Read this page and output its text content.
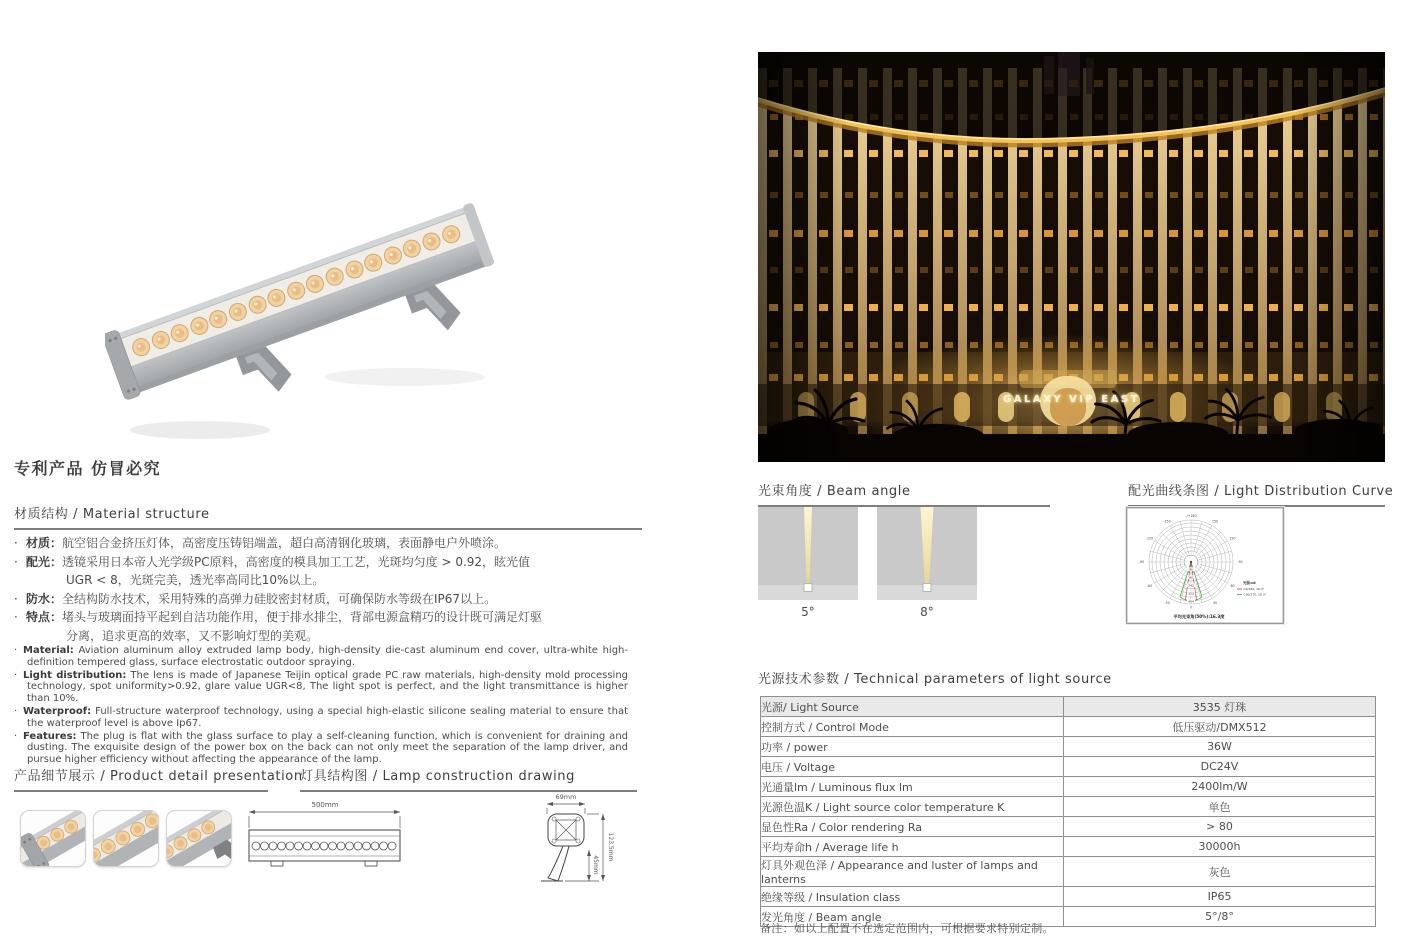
专利产品 仿冒必究
材质结构 / Material structure
· 材质：航空铝合金挤压灯体，高密度压铸铝端盖，超白高清钢化玻璃，表面静电户外喷涂。
· 配光：透镜采用日本帝人光学级PC原料，高密度的模具加工工艺，光斑均匀度 > 0.92，眩光值UGR < 8，光斑完美，透光率高同比10%以上。
· 防水：全结构防水技术，采用特殊的高弹力硅胶密封材质，可确保防水等级在IP67以上。
· 特点：堵头与玻璃面持平起到自洁功能作用，便于排水排尘，背部电源盒精巧的设计既可满足灯驱分离，追求更高的效率，又不影响灯型的美观。
· Material: Aviation aluminum alloy extruded lamp body, high-density die-cast aluminum end cover, ultra-white high-definition tempered glass, surface electrostatic outdoor spraying.
· Light distribution: The lens is made of Japanese Teijin optical grade PC raw materials, high-density mold processing technology, spot uniformity>0.92, glare value UGR<8, The light spot is perfect, and the light transmittance is higher than 10%.
· Waterproof: Full-structure waterproof technology, using a special high-elastic silicone sealing material to ensure that the waterproof level is above Ip67.
· Features: The plug is flat with the glass surface to play a self-cleaning function, which is convenient for draining and dusting. The exquisite design of the power box on the back can not only meet the separation of the lamp driver, and pursue higher efficiency without affecting the appearance of the lamp.
产品细节展示 / Product detail presentation
灯具结构图 / Lamp construction drawing
500mm
69mm
123.5mm
45mm
GALAXY VIP EAST
光束角度 / Beam angle
5°	8°
配光曲线条图 / Light Distribution Curve
80
161
242
323
404
-/+180
150
120
90
60
30
-150
-120
-90
-60
-30
0
光强:cd
C0/180, 16.3°
C90/270, 16.3°
平均光束角(50%):16.3度
光源技术参数 / Technical parameters of light source
光源/ Light Source	3535 灯珠
控制方式 / Control Mode	低压驱动/DMX512
功率 / power	36W
电压 / Voltage	DC24V
光通量lm / Luminous flux lm	2400lm/W
光源色温K / Light source color temperature K	单色
显色性Ra / Color rendering Ra	> 80
平均寿命h / Average life h	30000h
灯具外观色泽 / Appearance and luster of lamps and lanterns	灰色
绝缘等级 / Insulation class	IP65
发光角度 / Beam angle	5°/8°
备注：如以上配置不在选定范围内，可根据要求特别定制。
